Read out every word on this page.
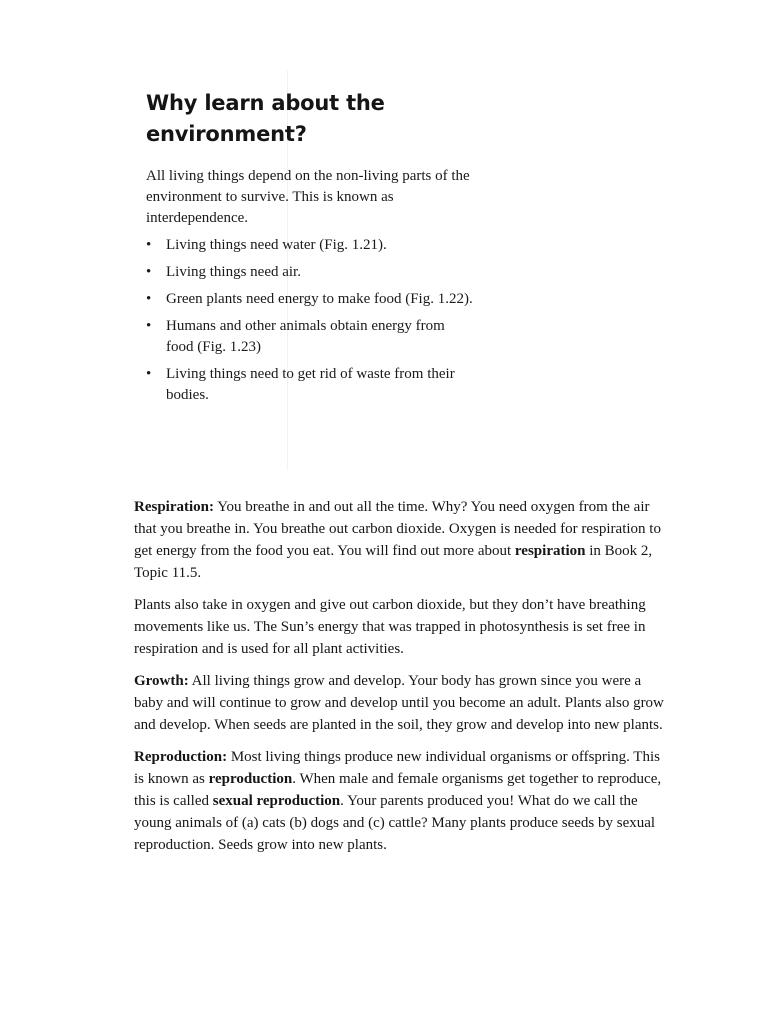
Why learn about the
environment?

All living things depend on the non-living parts of the environment to survive. This is known as interdependence.

• Living things need water (Fig. 1.21).
• Living things need air.
• Green plants need energy to make food (Fig. 1.22).
• Humans and other animals obtain energy from food (Fig. 1.23)
• Living things need to get rid of waste from their bodies.

Respiration: You breathe in and out all the time. Why? You need oxygen from the air that you breathe in. You breathe out carbon dioxide. Oxygen is needed for respiration to get energy from the food you eat. You will find out more about respiration in Book 2, Topic 11.5.

Plants also take in oxygen and give out carbon dioxide, but they don’t have breathing movements like us. The Sun’s energy that was trapped in photosynthesis is set free in respiration and is used for all plant activities.

Growth: All living things grow and develop. Your body has grown since you were a baby and will continue to grow and develop until you become an adult. Plants also grow and develop. When seeds are planted in the soil, they grow and develop into new plants.

Reproduction: Most living things produce new individual organisms or offspring. This is known as reproduction. When male and female organisms get together to reproduce, this is called sexual reproduction. Your parents produced you! What do we call the young animals of (a) cats (b) dogs and (c) cattle? Many plants produce seeds by sexual reproduction. Seeds grow into new plants.
